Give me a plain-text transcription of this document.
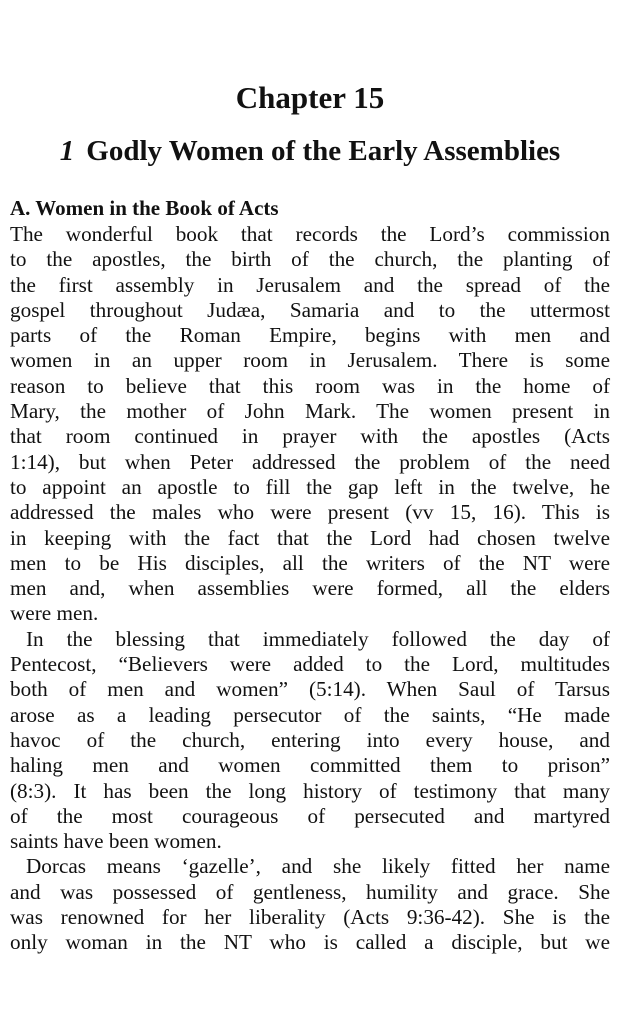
Chapter 15
1 Godly Women of the Early Assemblies
A. Women in the Book of Acts

The wonderful book that records the Lord’s commission
to the apostles, the birth of the church, the planting of
the first assembly in Jerusalem and the spread of the
gospel throughout Judæa, Samaria and to the uttermost
parts of the Roman Empire, begins with men and
women in an upper room in Jerusalem. There is some
reason to believe that this room was in the home of
Mary, the mother of John Mark. The women present in
that room continued in prayer with the apostles (Acts
1:14), but when Peter addressed the problem of the need
to appoint an apostle to fill the gap left in the twelve, he
addressed the males who were present (vv 15, 16). This is
in keeping with the fact that the Lord had chosen twelve
men to be His disciples, all the writers of the NT were
men and, when assemblies were formed, all the elders
were men.

In the blessing that immediately followed the day of
Pentecost, “Believers were added to the Lord, multitudes
both of men and women” (5:14). When Saul of Tarsus
arose as a leading persecutor of the saints, “He made
havoc of the church, entering into every house, and
haling men and women committed them to prison”
(8:3). It has been the long history of testimony that many
of the most courageous of persecuted and martyred
saints have been women.

Dorcas means ‘gazelle’, and she likely fitted her name
and was possessed of gentleness, humility and grace. She
was renowned for her liberality (Acts 9:36-42). She is the
only woman in the NT who is called a disciple, but we
